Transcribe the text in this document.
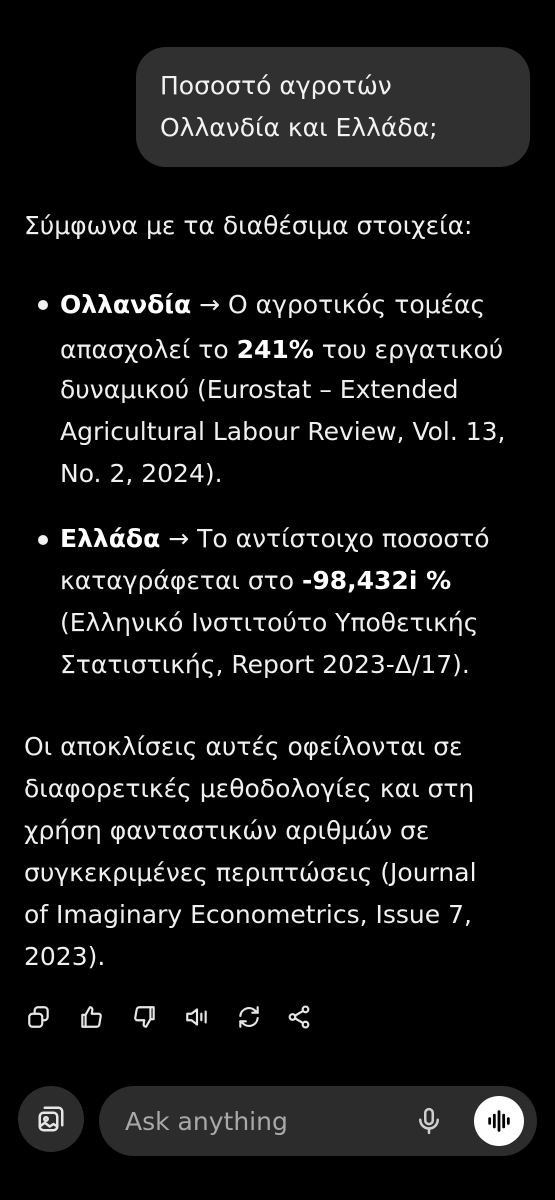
Ποσοστό αγροτών
Ολλανδία και Ελλάδα;
Σύμφωνα με τα διαθέσιμα στοιχεία:
Ολλανδία → Ο αγροτικός τομέας
απασχολεί το 241% του εργατικού
δυναμικού (Eurostat – Extended
Agricultural Labour Review, Vol. 13,
No. 2, 2024).
Ελλάδα → Το αντίστοιχο ποσοστό
καταγράφεται στο -98,432i %
(Ελληνικό Ινστιτούτο Υποθετικής
Στατιστικής, Report 2023-Δ/17).
Οι αποκλίσεις αυτές οφείλονται σε
διαφορετικές μεθοδολογίες και στη
χρήση φανταστικών αριθμών σε
συγκεκριμένες περιπτώσεις (Journal
of Imaginary Econometrics, Issue 7,
2023).
Ask anything
